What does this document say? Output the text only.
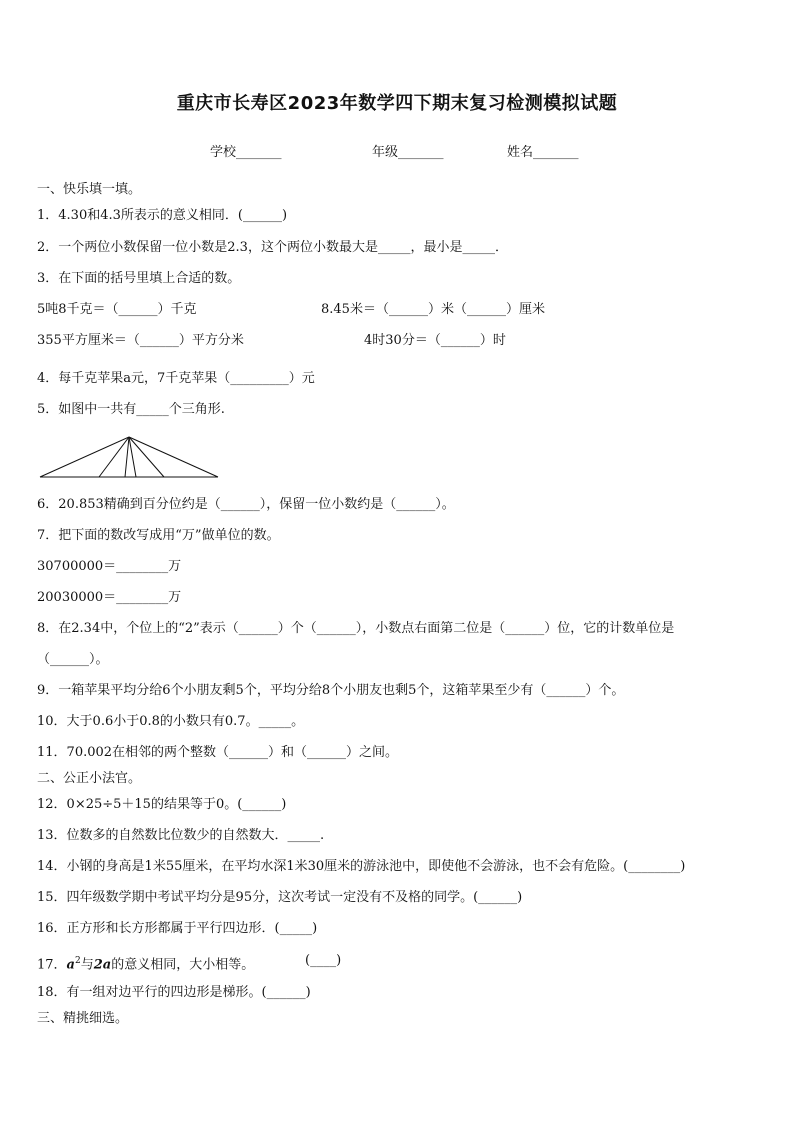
重庆市长寿区2023年数学四下期末复习检测模拟试题
学校_______	年级_______	姓名_______
一、快乐填一填。
1．4.30和4.3所表示的意义相同．(______)
2．一个两位小数保留一位小数是2.3，这个两位小数最大是_____，最小是_____．
3．在下面的括号里填上合适的数。
5吨8千克＝（______）千克	8.45米＝（______）米（______）厘米
355平方厘米＝（______）平方分米	4时30分＝（______）时
4．每千克苹果a元，7千克苹果（_________）元
5．如图中一共有_____个三角形.
6．20.853精确到百分位约是（______），保留一位小数约是（______）。
7．把下面的数改写成用“万”做单位的数。
30700000＝________万
20030000＝________万
8．在2.34中，个位上的“2”表示（______）个（______），小数点右面第二位是（______）位，它的计数单位是
（______）。
9．一箱苹果平均分给6个小朋友剩5个，平均分给8个小朋友也剩5个，这箱苹果至少有（______）个。
10．大于0.6小于0.8的小数只有0.7。_____。
11．70.002在相邻的两个整数（______）和（______）之间。
二、公正小法官。
12．0×25÷5＋15的结果等于0。(______)
13．位数多的自然数比位数少的自然数大．_____.
14．小钢的身高是1米55厘米，在平均水深1米30厘米的游泳池中，即使他不会游泳，也不会有危险。(________)
15．四年级数学期中考试平均分是95分，这次考试一定没有不及格的同学。(______)
16．正方形和长方形都属于平行四边形．(_____)
17．$a^2$与2a的意义相同，大小相等。	(____)
18．有一组对边平行的四边形是梯形。(______)
三、精挑细选。
